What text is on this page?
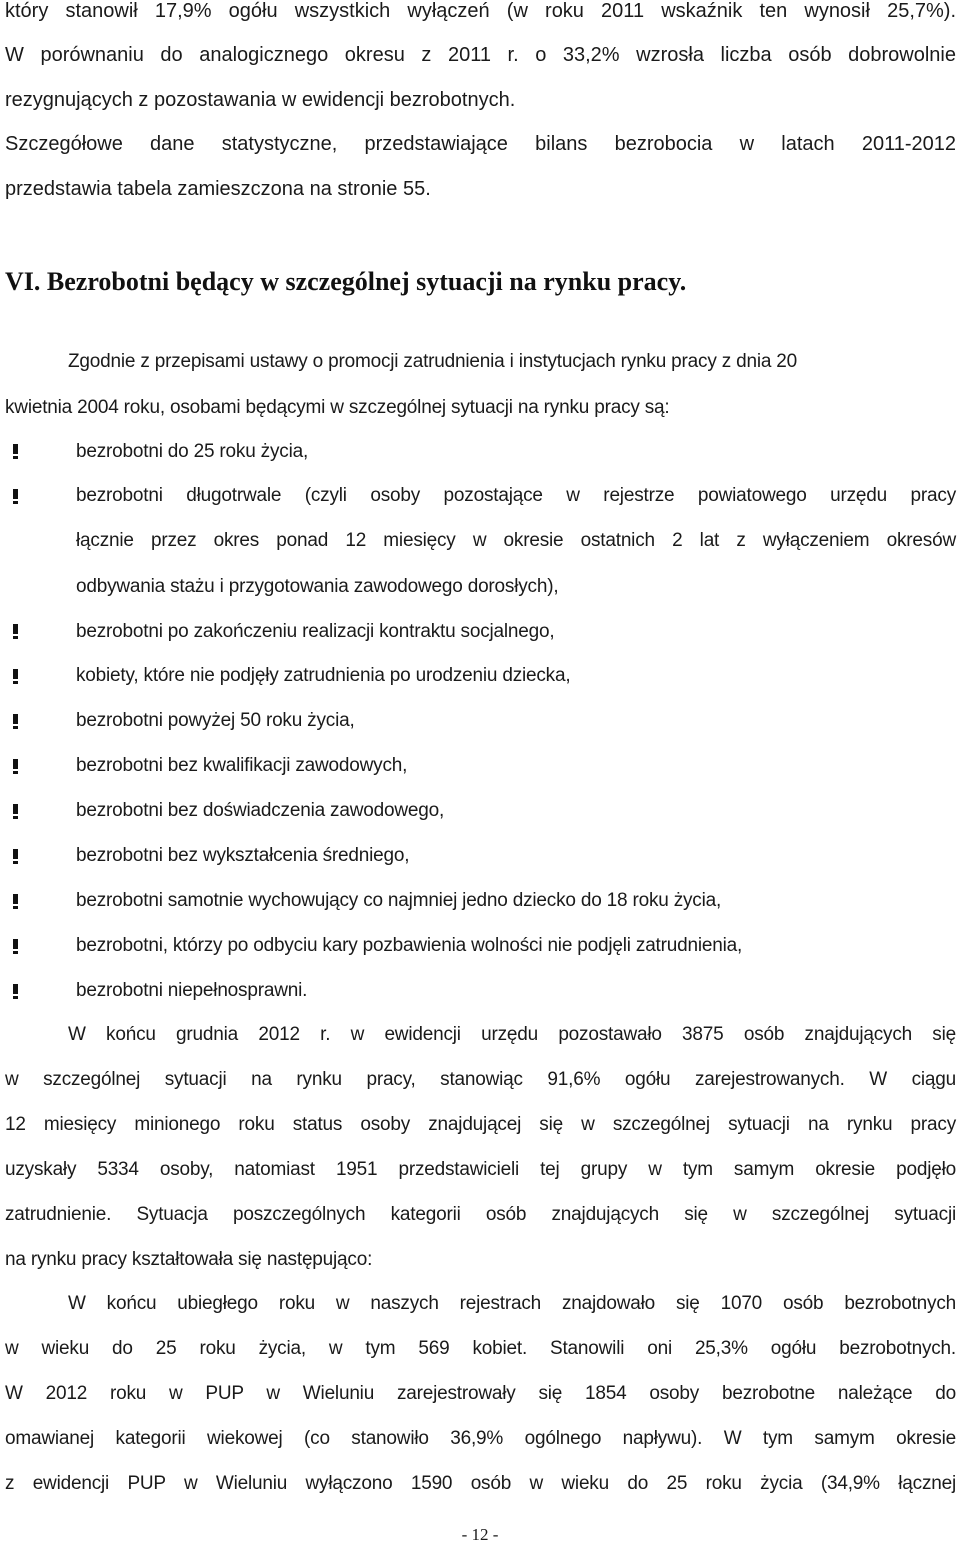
który stanowił 17,9% ogółu wszystkich wyłączeń (w roku 2011 wskaźnik ten wynosił 25,7%).
W porównaniu do analogicznego okresu z 2011 r. o 33,2% wzrosła liczba osób dobrowolnie
rezygnujących z pozostawania w ewidencji bezrobotnych.
Szczegółowe dane statystyczne, przedstawiające bilans bezrobocia w latach 2011-2012
przedstawia tabela zamieszczona na stronie 55.
VI. Bezrobotni będący w szczególnej sytuacji na rynku pracy.
Zgodnie z przepisami ustawy o promocji zatrudnienia i instytucjach rynku pracy z dnia 20
kwietnia 2004 roku, osobami będącymi w szczególnej sytuacji na rynku pracy są:
bezrobotni do 25 roku życia,
bezrobotni długotrwale (czyli osoby pozostające w rejestrze powiatowego urzędu pracy
łącznie przez okres ponad 12 miesięcy w okresie ostatnich 2 lat z wyłączeniem okresów
odbywania stażu i przygotowania zawodowego dorosłych),
bezrobotni po zakończeniu realizacji kontraktu socjalnego,
kobiety, które nie podjęły zatrudnienia po urodzeniu dziecka,
bezrobotni powyżej 50 roku życia,
bezrobotni bez kwalifikacji zawodowych,
bezrobotni bez doświadczenia zawodowego,
bezrobotni bez wykształcenia średniego,
bezrobotni samotnie wychowujący co najmniej jedno dziecko do 18 roku życia,
bezrobotni, którzy po odbyciu kary pozbawienia wolności nie podjęli zatrudnienia,
bezrobotni niepełnosprawni.
W końcu grudnia 2012 r. w ewidencji urzędu pozostawało 3875 osób znajdujących się
w szczególnej sytuacji na rynku pracy, stanowiąc 91,6% ogółu zarejestrowanych. W ciągu
12 miesięcy minionego roku status osoby znajdującej się w szczególnej sytuacji na rynku pracy
uzyskały 5334 osoby, natomiast 1951 przedstawicieli tej grupy w tym samym okresie podjęło
zatrudnienie. Sytuacja poszczególnych kategorii osób znajdujących się w szczególnej sytuacji
na rynku pracy kształtowała się następująco:
W końcu ubiegłego roku w naszych rejestrach znajdowało się 1070 osób bezrobotnych
w wieku do 25 roku życia, w tym 569 kobiet. Stanowili oni 25,3% ogółu bezrobotnych.
W 2012 roku w PUP w Wieluniu zarejestrowały się 1854 osoby bezrobotne należące do
omawianej kategorii wiekowej (co stanowiło 36,9% ogólnego napływu). W tym samym okresie
z ewidencji PUP w Wieluniu wyłączono 1590 osób w wieku do 25 roku życia (34,9% łącznej
- 12 -
